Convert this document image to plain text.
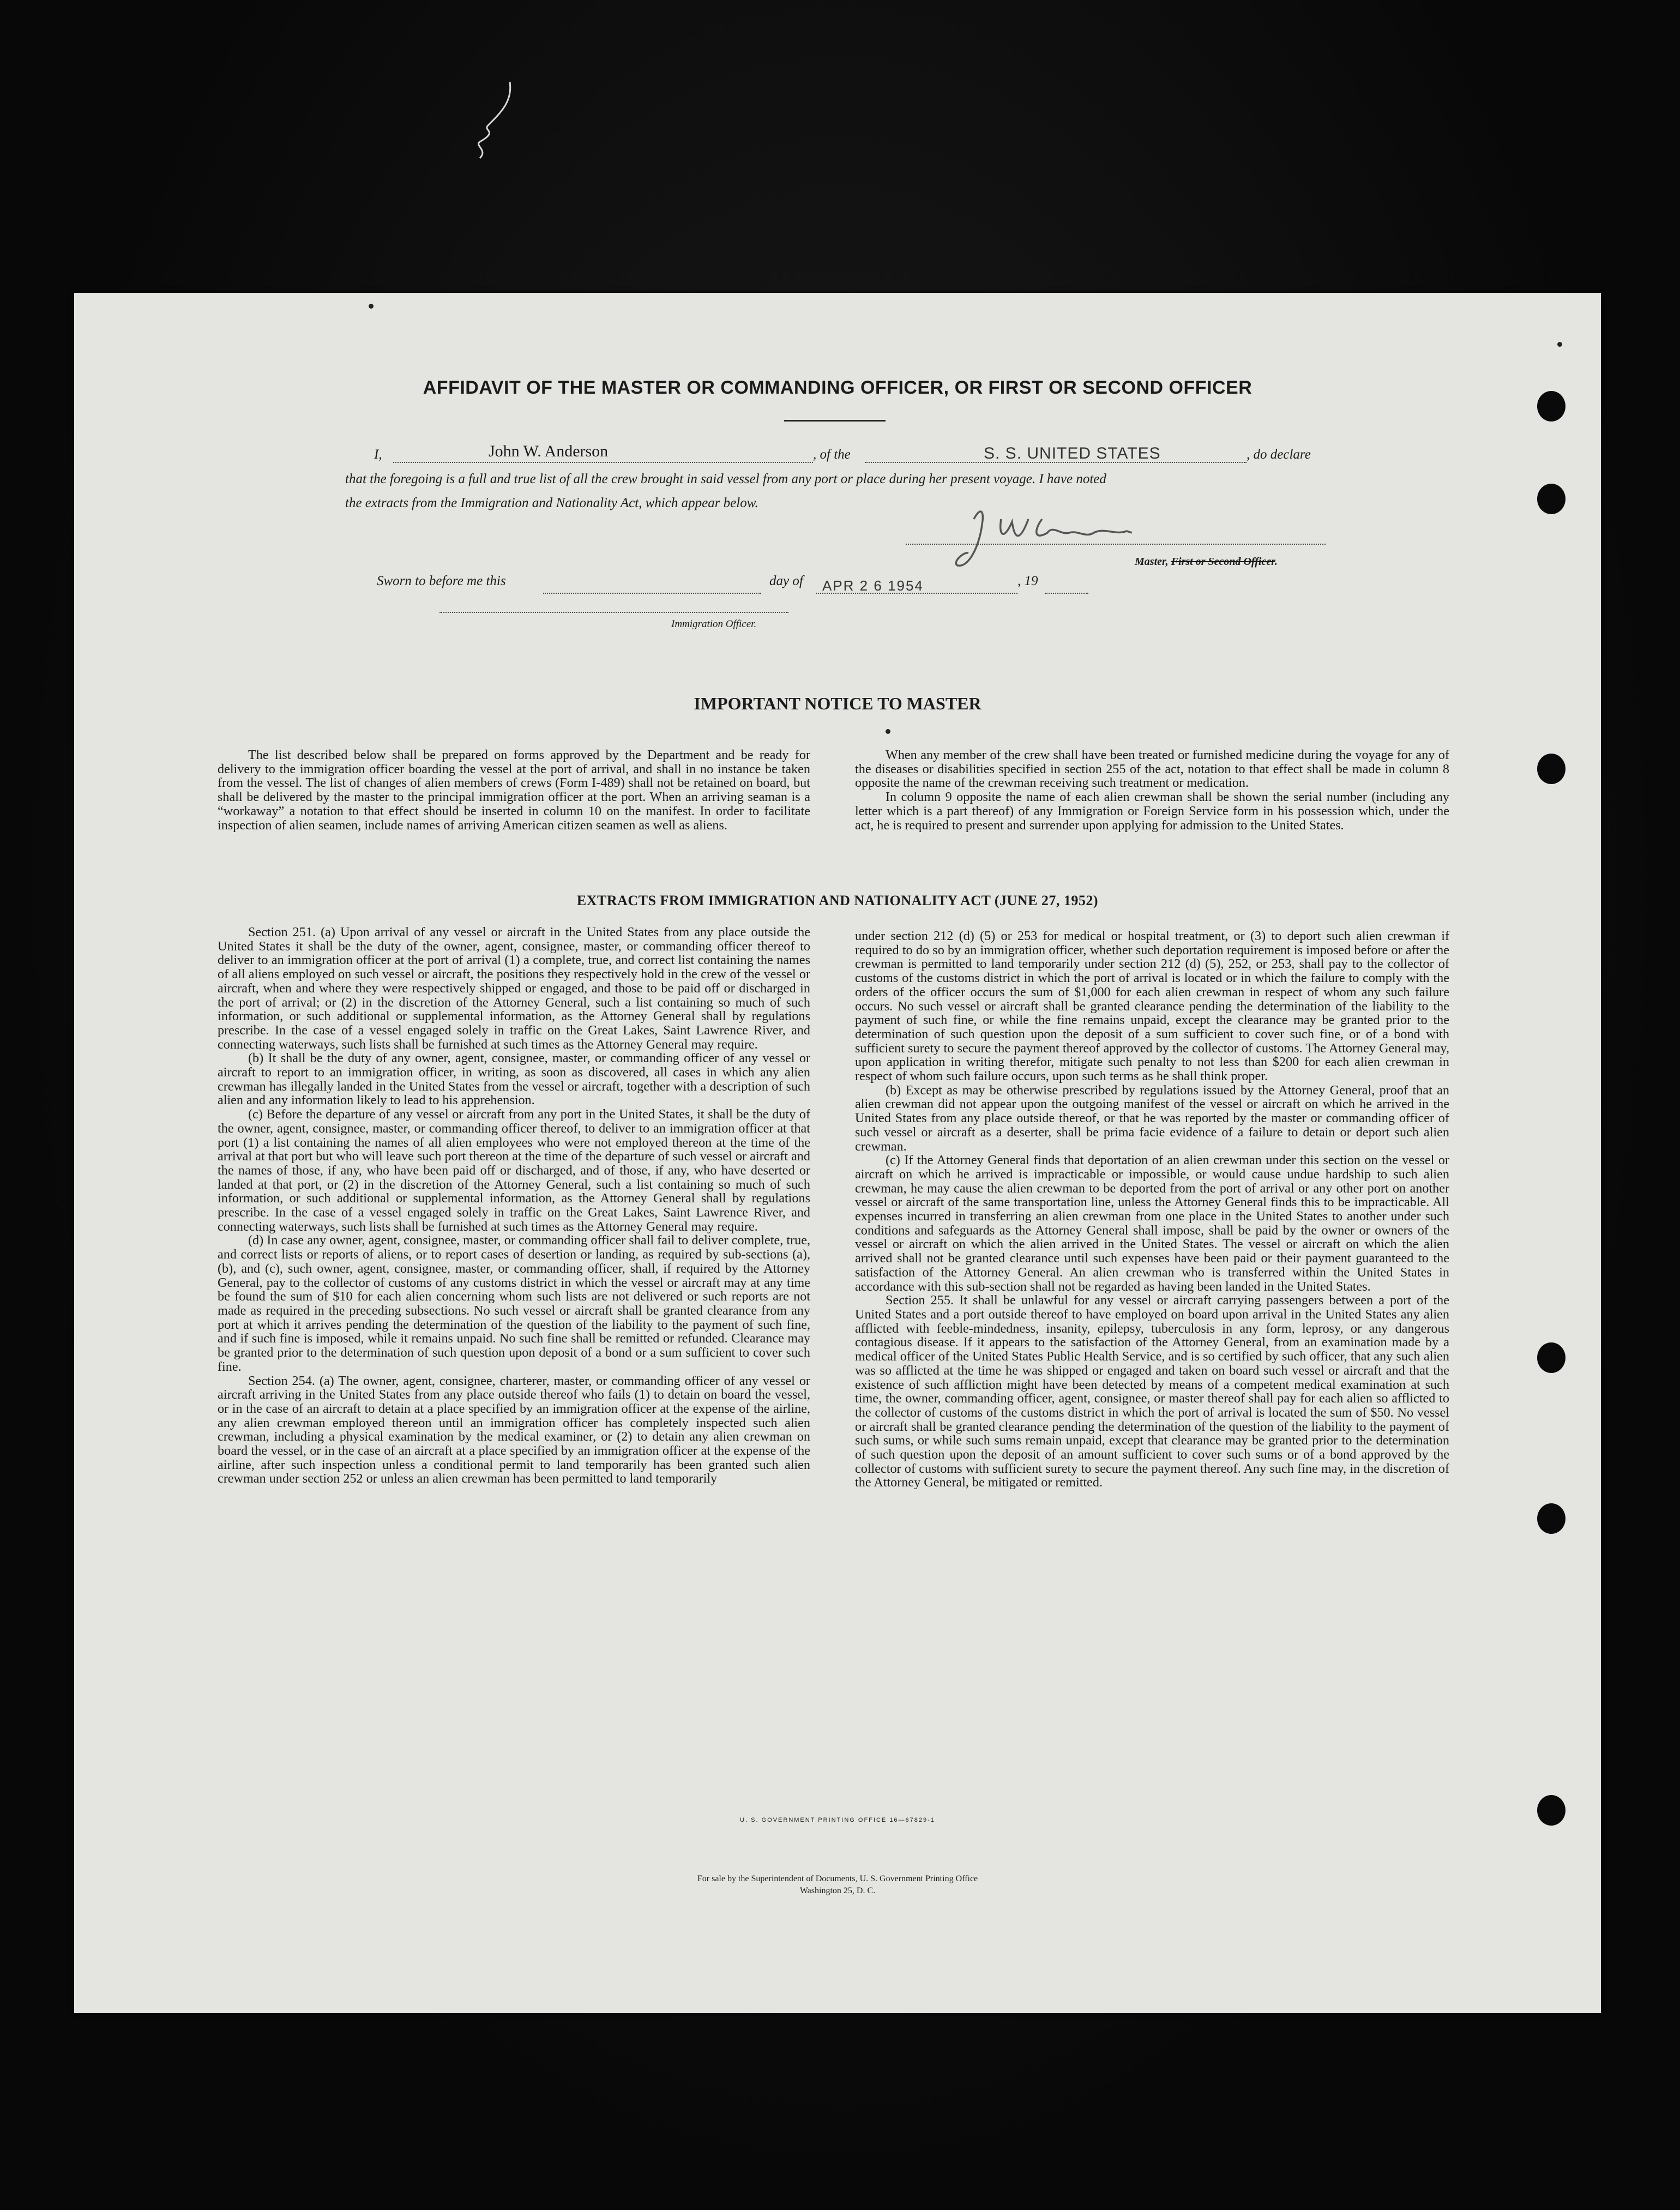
AFFIDAVIT OF THE MASTER OR COMMANDING OFFICER, OR FIRST OR SECOND OFFICER
I,	John W. Anderson	, of the	S. S. UNITED STATES	, do declare
that the foregoing is a full and true list of all the crew brought in said vessel from any port or place during her present voyage. I have noted
the extracts from the Immigration and Nationality Act, which appear below.
Master, First or Second Officer.
Sworn to before me this	day of APR 2 6 1954	, 19
Immigration Officer.
IMPORTANT NOTICE TO MASTER

The list described below shall be prepared on forms approved by the Department and be ready for delivery to the immigration officer boarding the vessel at the port of arrival, and shall in no instance be taken from the vessel. The list of changes of alien members of crews (Form I-489) shall not be retained on board, but shall be delivered by the master to the principal immigration officer at the port. When an arriving seaman is a “workaway” a notation to that effect should be inserted in column 10 on the manifest. In order to facilitate inspection of alien seamen, include names of arriving American citizen seamen as well as aliens.

When any member of the crew shall have been treated or furnished medicine during the voyage for any of the diseases or disabilities specified in section 255 of the act, notation to that effect shall be made in column 8 opposite the name of the crewman receiving such treatment or medication.

In column 9 opposite the name of each alien crewman shall be shown the serial number (including any letter which is a part thereof) of any Immigration or Foreign Service form in his possession which, under the act, he is required to present and surrender upon applying for admission to the United States.

EXTRACTS FROM IMMIGRATION AND NATIONALITY ACT (JUNE 27, 1952)

Section 251. (a) Upon arrival of any vessel or aircraft in the United States from any place outside the United States it shall be the duty of the owner, agent, consignee, master, or commanding officer thereof to deliver to an immigration officer at the port of arrival (1) a complete, true, and correct list containing the names of all aliens employed on such vessel or aircraft, the positions they respectively hold in the crew of the vessel or aircraft, when and where they were respectively shipped or engaged, and those to be paid off or discharged in the port of arrival; or (2) in the discretion of the Attorney General, such a list containing so much of such information, or such additional or supplemental information, as the Attorney General shall by regulations prescribe. In the case of a vessel engaged solely in traffic on the Great Lakes, Saint Lawrence River, and connecting waterways, such lists shall be furnished at such times as the Attorney General may require.

(b) It shall be the duty of any owner, agent, consignee, master, or commanding officer of any vessel or aircraft to report to an immigration officer, in writing, as soon as discovered, all cases in which any alien crewman has illegally landed in the United States from the vessel or aircraft, together with a description of such alien and any information likely to lead to his apprehension.

(c) Before the departure of any vessel or aircraft from any port in the United States, it shall be the duty of the owner, agent, consignee, master, or commanding officer thereof, to deliver to an immigration officer at that port (1) a list containing the names of all alien employees who were not employed thereon at the time of the arrival at that port but who will leave such port thereon at the time of the departure of such vessel or aircraft and the names of those, if any, who have been paid off or discharged, and of those, if any, who have deserted or landed at that port, or (2) in the discretion of the Attorney General, such a list containing so much of such information, or such additional or supplemental information, as the Attorney General shall by regulations prescribe. In the case of a vessel engaged solely in traffic on the Great Lakes, Saint Lawrence River, and connecting waterways, such lists shall be furnished at such times as the Attorney General may require.

(d) In case any owner, agent, consignee, master, or commanding officer shall fail to deliver complete, true, and correct lists or reports of aliens, or to report cases of desertion or landing, as required by sub-sections (a), (b), and (c), such owner, agent, consignee, master, or commanding officer, shall, if required by the Attorney General, pay to the collector of customs of any customs district in which the vessel or aircraft may at any time be found the sum of $10 for each alien concerning whom such lists are not delivered or such reports are not made as required in the preceding subsections. No such vessel or aircraft shall be granted clearance from any port at which it arrives pending the determination of the question of the liability to the payment of such fine, and if such fine is imposed, while it remains unpaid. No such fine shall be remitted or refunded. Clearance may be granted prior to the determination of such question upon deposit of a bond or a sum sufficient to cover such fine.

Section 254. (a) The owner, agent, consignee, charterer, master, or commanding officer of any vessel or aircraft arriving in the United States from any place outside thereof who fails (1) to detain on board the vessel, or in the case of an aircraft to detain at a place specified by an immigration officer at the expense of the airline, any alien crewman employed thereon until an immigration officer has completely inspected such alien crewman, including a physical examination by the medical examiner, or (2) to detain any alien crewman on board the vessel, or in the case of an aircraft at a place specified by an immigration officer at the expense of the airline, after such inspection unless a conditional permit to land temporarily has been granted such alien crewman under section 252 or unless an alien crewman has been permitted to land temporarily

under section 212 (d) (5) or 253 for medical or hospital treatment, or (3) to deport such alien crewman if required to do so by an immigration officer, whether such deportation requirement is imposed before or after the crewman is permitted to land temporarily under section 212 (d) (5), 252, or 253, shall pay to the collector of customs of the customs district in which the port of arrival is located or in which the failure to comply with the orders of the officer occurs the sum of $1,000 for each alien crewman in respect of whom any such failure occurs. No such vessel or aircraft shall be granted clearance pending the determination of the liability to the payment of such fine, or while the fine remains unpaid, except the clearance may be granted prior to the determination of such question upon the deposit of a sum sufficient to cover such fine, or of a bond with sufficient surety to secure the payment thereof approved by the collector of customs. The Attorney General may, upon application in writing therefor, mitigate such penalty to not less than $200 for each alien crewman in respect of whom such failure occurs, upon such terms as he shall think proper.

(b) Except as may be otherwise prescribed by regulations issued by the Attorney General, proof that an alien crewman did not appear upon the outgoing manifest of the vessel or aircraft on which he arrived in the United States from any place outside thereof, or that he was reported by the master or commanding officer of such vessel or aircraft as a deserter, shall be prima facie evidence of a failure to detain or deport such alien crewman.

(c) If the Attorney General finds that deportation of an alien crewman under this section on the vessel or aircraft on which he arrived is impracticable or impossible, or would cause undue hardship to such alien crewman, he may cause the alien crewman to be deported from the port of arrival or any other port on another vessel or aircraft of the same transportation line, unless the Attorney General finds this to be impracticable. All expenses incurred in transferring an alien crewman from one place in the United States to another under such conditions and safeguards as the Attorney General shall impose, shall be paid by the owner or owners of the vessel or aircraft on which the alien arrived in the United States. The vessel or aircraft on which the alien arrived shall not be granted clearance until such expenses have been paid or their payment guaranteed to the satisfaction of the Attorney General. An alien crewman who is transferred within the United States in accordance with this sub-section shall not be regarded as having been landed in the United States.

Section 255. It shall be unlawful for any vessel or aircraft carrying passengers between a port of the United States and a port outside thereof to have employed on board upon arrival in the United States any alien afflicted with feeble-mindedness, insanity, epilepsy, tuberculosis in any form, leprosy, or any dangerous contagious disease. If it appears to the satisfaction of the Attorney General, from an examination made by a medical officer of the United States Public Health Service, and is so certified by such officer, that any such alien was so afflicted at the time he was shipped or engaged and taken on board such vessel or aircraft and that the existence of such affliction might have been detected by means of a competent medical examination at such time, the owner, commanding officer, agent, consignee, or master thereof shall pay for each alien so afflicted to the collector of customs of the customs district in which the port of arrival is located the sum of $50. No vessel or aircraft shall be granted clearance pending the determination of the question of the liability to the payment of such sums, or while such sums remain unpaid, except that clearance may be granted prior to the determination of such question upon the deposit of an amount sufficient to cover such sums or of a bond approved by the collector of customs with sufficient surety to secure the payment thereof. Any such fine may, in the discretion of the Attorney General, be mitigated or remitted.

U. S. GOVERNMENT PRINTING OFFICE 16—67829-1
For sale by the Superintendent of Documents, U. S. Government Printing Office
Washington 25, D. C.
